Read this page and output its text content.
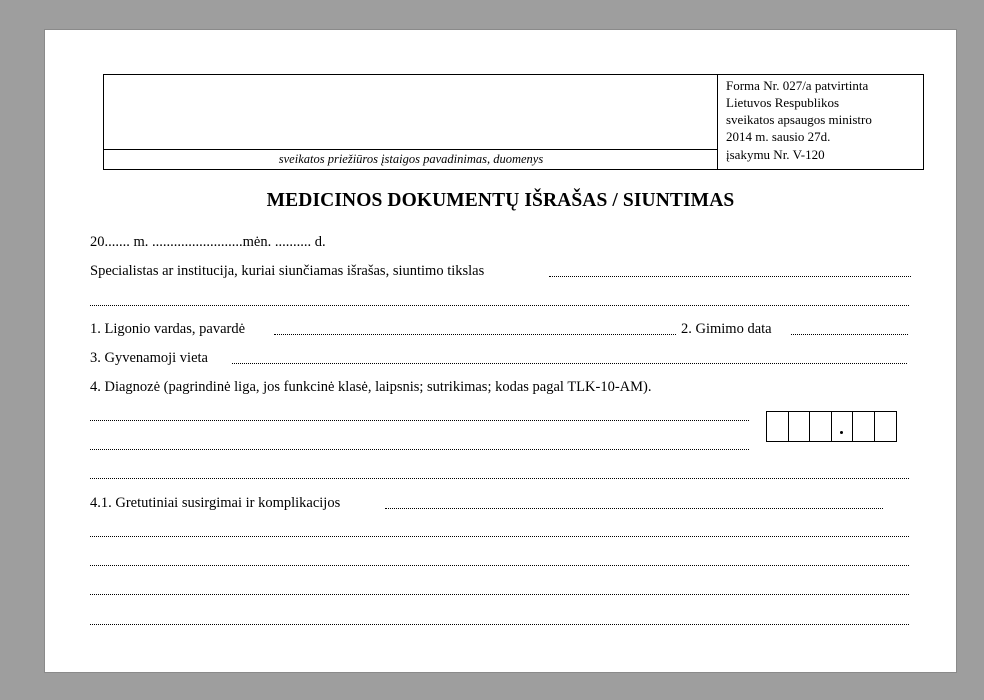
sveikatos priežiūros įstaigos pavadinimas, duomenys
Forma Nr. 027/a patvirtinta
Lietuvos Respublikos
sveikatos apsaugos ministro
2014 m. sausio 27d.
įsakymu Nr. V-120
MEDICINOS DOKUMENTŲ IŠRAŠAS / SIUNTIMAS
20....... m. .........................mėn. .......... d.
Specialistas ar institucija, kuriai siunčiamas išrašas, siuntimo tikslas
1. Ligonio vardas, pavardė	2. Gimimo data
3. Gyvenamoji vieta
4. Diagnozė (pagrindinė liga, jos funkcinė klasė, laipsnis; sutrikimas; kodas pagal TLK-10-AM).
4.1. Gretutiniai susirgimai ir komplikacijos
